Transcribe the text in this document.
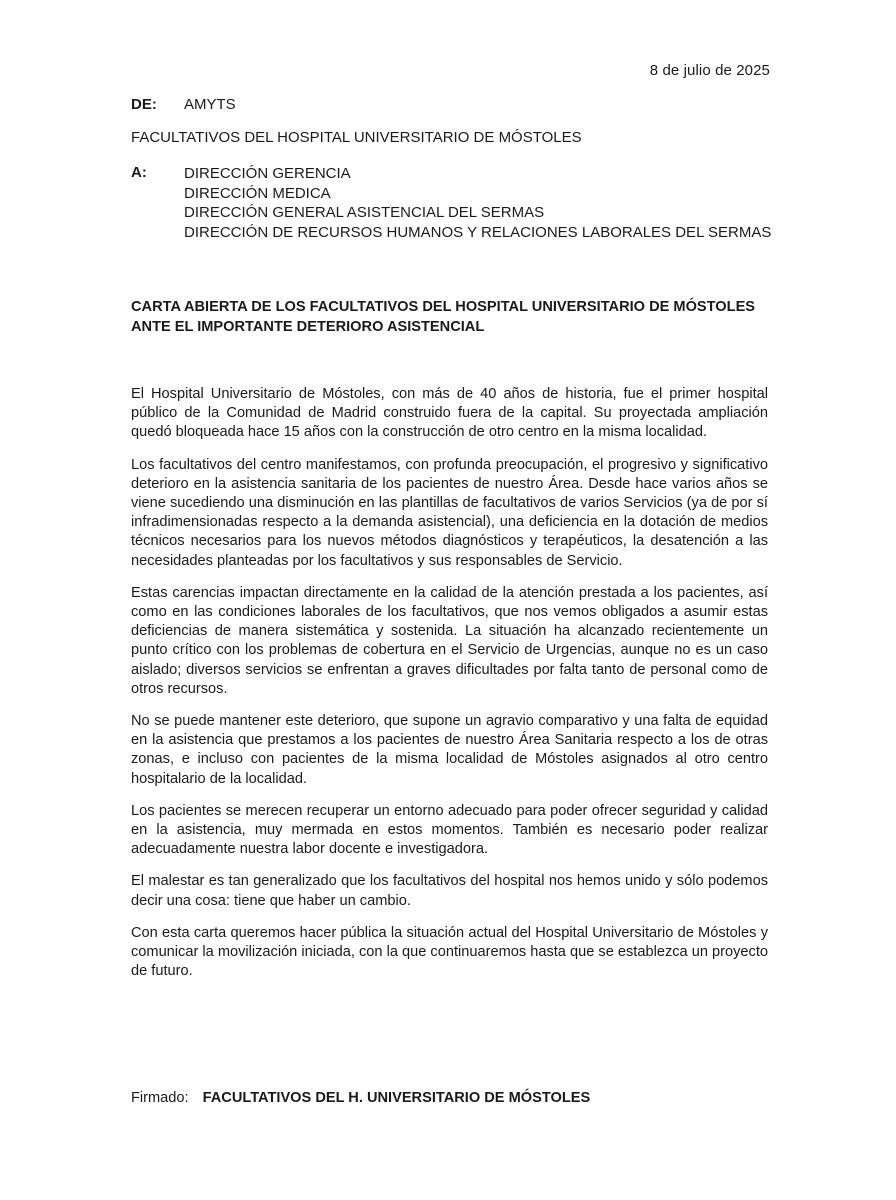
8 de julio de 2025
DE:	AMYTS
FACULTATIVOS DEL HOSPITAL UNIVERSITARIO DE MÓSTOLES
A:	DIRECCIÓN GERENCIA
DIRECCIÓN MEDICA
DIRECCIÓN GENERAL ASISTENCIAL DEL SERMAS
DIRECCIÓN DE RECURSOS HUMANOS Y RELACIONES LABORALES DEL SERMAS
CARTA ABIERTA DE LOS FACULTATIVOS DEL HOSPITAL UNIVERSITARIO DE MÓSTOLES
ANTE EL IMPORTANTE DETERIORO ASISTENCIAL

El Hospital Universitario de Móstoles, con más de 40 años de historia, fue el primer hospital público de la Comunidad de Madrid construido fuera de la capital. Su proyectada ampliación quedó bloqueada hace 15 años con la construcción de otro centro en la misma localidad.

Los facultativos del centro manifestamos, con profunda preocupación, el progresivo y significativo deterioro en la asistencia sanitaria de los pacientes de nuestro Área. Desde hace varios años se viene sucediendo una disminución en las plantillas de facultativos de varios Servicios (ya de por sí infradimensionadas respecto a la demanda asistencial), una deficiencia en la dotación de medios técnicos necesarios para los nuevos métodos diagnósticos y terapéuticos, la desatención a las necesidades planteadas por los facultativos y sus responsables de Servicio.

Estas carencias impactan directamente en la calidad de la atención prestada a los pacientes, así como en las condiciones laborales de los facultativos, que nos vemos obligados a asumir estas deficiencias de manera sistemática y sostenida. La situación ha alcanzado recientemente un punto crítico con los problemas de cobertura en el Servicio de Urgencias, aunque no es un caso aislado; diversos servicios se enfrentan a graves dificultades por falta tanto de personal como de otros recursos.

No se puede mantener este deterioro, que supone un agravio comparativo y una falta de equidad en la asistencia que prestamos a los pacientes de nuestro Área Sanitaria respecto a los de otras zonas, e incluso con pacientes de la misma localidad de Móstoles asignados al otro centro hospitalario de la localidad.

Los pacientes se merecen recuperar un entorno adecuado para poder ofrecer seguridad y calidad en la asistencia, muy mermada en estos momentos. También es necesario poder realizar adecuadamente nuestra labor docente e investigadora.

El malestar es tan generalizado que los facultativos del hospital nos hemos unido y sólo podemos decir una cosa: tiene que haber un cambio.

Con esta carta queremos hacer pública la situación actual del Hospital Universitario de Móstoles y comunicar la movilización iniciada, con la que continuaremos hasta que se establezca un proyecto de futuro.

Firmado: FACULTATIVOS DEL H. UNIVERSITARIO DE MÓSTOLES
